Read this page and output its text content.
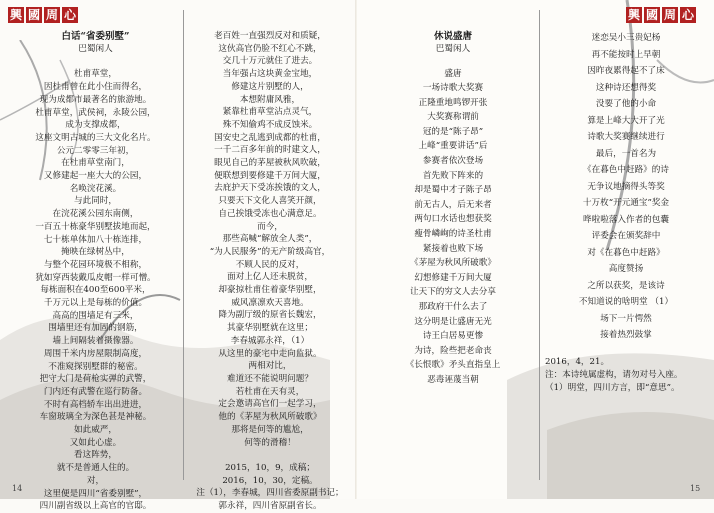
興 國 周 心	興 國 周 心
白话“省委别墅”
巴蜀闲人
杜甫草堂，
因杜甫曾在此小住而得名，
现为成都市最著名的旅游地。
杜甫草堂，武侯祠，永陵公园，
成为支撑成都，
这座文明古城的三大文化名片。
公元二零零三年初，
在杜甫草堂南门，
又修建起一座大大的公园，
名唤浣花溪。
与此同时，
在浣花溪公园东南侧，
一百五十栋豪华别墅拔地而起，
七十栋单体加八十栋连排，
掩映在绿树丛中，
与整个花园环境极不相称，
犹如穿西装戴瓜皮帽一样可憎。
每栋面积在400至600平米，
千万元以上是每栋的价值。
高高的围墙足有三米，
围墙里还有加固的钢筋，
墙上间隔装着摄像器。
周围千米内房屋限制高度，
不准窥探别墅群的秘密。
把守大门是荷枪实弹的武警，
门内还有武警在巡行防备。
不时有高档轿车出出进进，
车窗玻璃全为深色甚是神秘。
如此威严，
又如此心虚。
看这阵势，
就不是普通人住的。
对，
这里便是四川“省委别墅”，
四川副省级以上高官的官邸。
老百姓一直强烈反对和质疑，
这伙高官仍脸不红心不跳，
交几十万元就住了进去。
当年强占这块黄金宝地，
修建这片别墅的人，
本想附庸风雅，
紧靠杜甫草堂沾点灵气，
殊不知偷鸡不成反蚀米。
国安史之乱逃到成都的杜甫，
一千二百多年前的时建文人，
眼见自己的茅屋被秋风吹破，
便联想到要修建千万间大厦，
去庇护天下受冻挨饿的文人，
只要天下文化人喜笑开颜，
自己挨饿受冻也心满意足。
而今，
那些高喊“解放全人类”，
“为人民服务”的无产阶级高官，
不顾人民的反对，
面对上亿人还未脱贫，
却豪掠杜甫住着豪华别墅，
威风凛凛欢天喜地。
降为副厅级的原省长魏宏，
其豪华别墅就在这里；
李春城郭永祥，（1）
从这里的豪宅中走向监狱。
两相对比，
难道还不能说明问题？
若杜甫在天有灵，
定会邀请高官们一起学习，
他的《茅屋为秋风所破歌》
那将是何等的尴尬，
何等的滑稽！
2015，10，9，成稿；
2016，10，30，定稿。
注（1），李春城，四川省委原副书记；
郭永祥，四川省原副省长。
休说盛唐
巴蜀闲人
盛唐
一场诗歌大奖赛
正隆重地鸣锣开张
大奖赛称谓前
冠的是“陈子昂”
上峰“重要讲话”后
参赛者依次登场
首先败下阵来的
却是蜀中才子陈子昂
前无古人，后无来者
两句口水话也想获奖
瘦骨嶙峋的诗圣杜甫
紧接着也败下场
《茅屋为秋风所破歌》
幻想修建千万间大厦
让天下的穷文人去分享
那政府干什么去了
这分明是让盛唐无光
诗王白居易更惨
为诗，险些把老命丧
《长恨歌》矛头直指皇上
恶毒诬蔑当朝
迷恋吴小三贵妃杨
再不能按时上早朝
因昨夜累得起不了床
这种诗还想得奖
没要了他的小命
算是上峰大大开了光
诗歌大奖赛继续进行
最后，一首名为
《在暮色中赶路》的诗
无争议地摘得头等奖
十万枚“开元通宝”奖金
哗啦啦落入作者的包囊
评委会在颁奖辞中
对《在暮色中赶路》
高度赞扬
之所以获奖，是该诗
不知道说的啥明堂 （1）
场下一片愕然
接着热烈鼓掌
2016，4，21。
注：本诗纯属虚构，请勿对号入座。
（1）明堂，四川方言，即“意思”。
14	15
